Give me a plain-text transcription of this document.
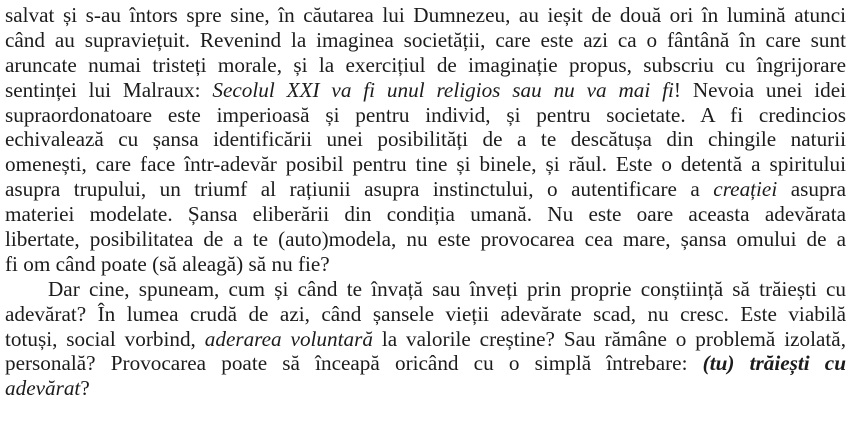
salvat și s-au întors spre sine, în căutarea lui Dumnezeu, au ieșit de două ori în lumină atunci
când au supraviețuit. Revenind la imaginea societății, care este azi ca o fântână în care sunt
aruncate numai tristeți morale, și la exercițiul de imaginație propus, subscriu cu îngrijorare
sentinței lui Malraux: Secolul XXI va fi unul religios sau nu va mai fi! Nevoia unei idei
supraordonatoare este imperioasă și pentru individ, și pentru societate. A fi credincios
echivalează cu șansa identificării unei posibilități de a te descătușa din chingile naturii
omenești, care face într-adevăr posibil pentru tine și binele, și răul. Este o detentă a spiritului
asupra trupului, un triumf al rațiunii asupra instinctului, o autentificare a creației asupra
materiei modelate. Șansa eliberării din condiția umană. Nu este oare aceasta adevărata
libertate, posibilitatea de a te (auto)modela, nu este provocarea cea mare, șansa omului de a
fi om când poate (să aleagă) să nu fie?
Dar cine, spuneam, cum și când te învață sau înveți prin proprie conștiință să trăiești cu
adevărat? În lumea crudă de azi, când șansele vieții adevărate scad, nu cresc. Este viabilă
totuși, social vorbind, aderarea voluntară la valorile creștine? Sau rămâne o problemă izolată,
personală? Provocarea poate să înceapă oricând cu o simplă întrebare: (tu) trăiești cu
adevărat?
